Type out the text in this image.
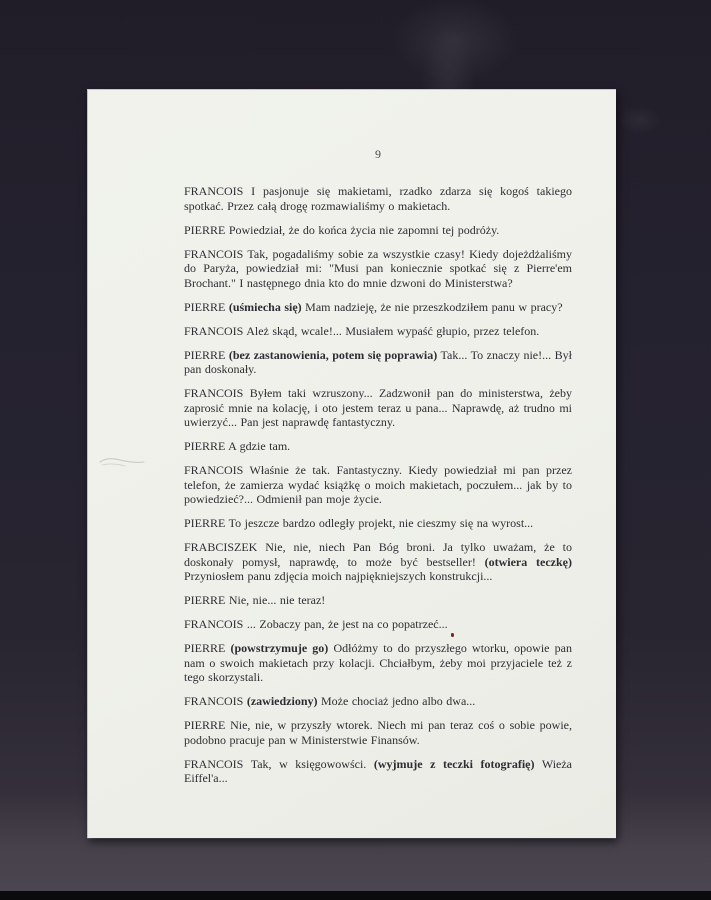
9

FRANCOIS I pasjonuje się makietami, rzadko zdarza się kogoś takiego spotkać. Przez całą drogę rozmawialiśmy o makietach.

PIERRE Powiedział, że do końca życia nie zapomni tej podróży.

FRANCOIS Tak, pogadaliśmy sobie za wszystkie czasy! Kiedy dojeżdżaliśmy do Paryża, powiedział mi: "Musi pan koniecznie spotkać się z Pierre'em Brochant." I następnego dnia kto do mnie dzwoni do Ministerstwa?

PIERRE (uśmiecha się) Mam nadzieję, że nie przeszkodziłem panu w pracy?

FRANCOIS Ależ skąd, wcale!... Musiałem wypaść głupio, przez telefon.

PIERRE (bez zastanowienia, potem się poprawia) Tak... To znaczy nie!... Był pan doskonały.

FRANCOIS Byłem taki wzruszony... Zadzwonił pan do ministerstwa, żeby zaprosić mnie na kolację, i oto jestem teraz u pana... Naprawdę, aż trudno mi uwierzyć... Pan jest naprawdę fantastyczny.

PIERRE A gdzie tam.

FRANCOIS Właśnie że tak. Fantastyczny. Kiedy powiedział mi pan przez telefon, że zamierza wydać książkę o moich makietach, poczułem... jak by to powiedzieć?... Odmienił pan moje życie.

PIERRE To jeszcze bardzo odległy projekt, nie cieszmy się na wyrost...

FRABCISZEK Nie, nie, niech Pan Bóg broni. Ja tylko uważam, że to doskonały pomysł, naprawdę, to może być bestseller! (otwiera teczkę) Przyniosłem panu zdjęcia moich najpiękniejszych konstrukcji...

PIERRE Nie, nie... nie teraz!

FRANCOIS ... Zobaczy pan, że jest na co popatrzeć...

PIERRE (powstrzymuje go) Odłóżmy to do przyszłego wtorku, opowie pan nam o swoich makietach przy kolacji. Chciałbym, żeby moi przyjaciele też z tego skorzystali.

FRANCOIS (zawiedziony) Może chociaż jedno albo dwa...

PIERRE Nie, nie, w przyszły wtorek. Niech mi pan teraz coś o sobie powie, podobno pracuje pan w Ministerstwie Finansów.

FRANCOIS Tak, w księgowowści. (wyjmuje z teczki fotografię) Wieża Eiffel'a...
